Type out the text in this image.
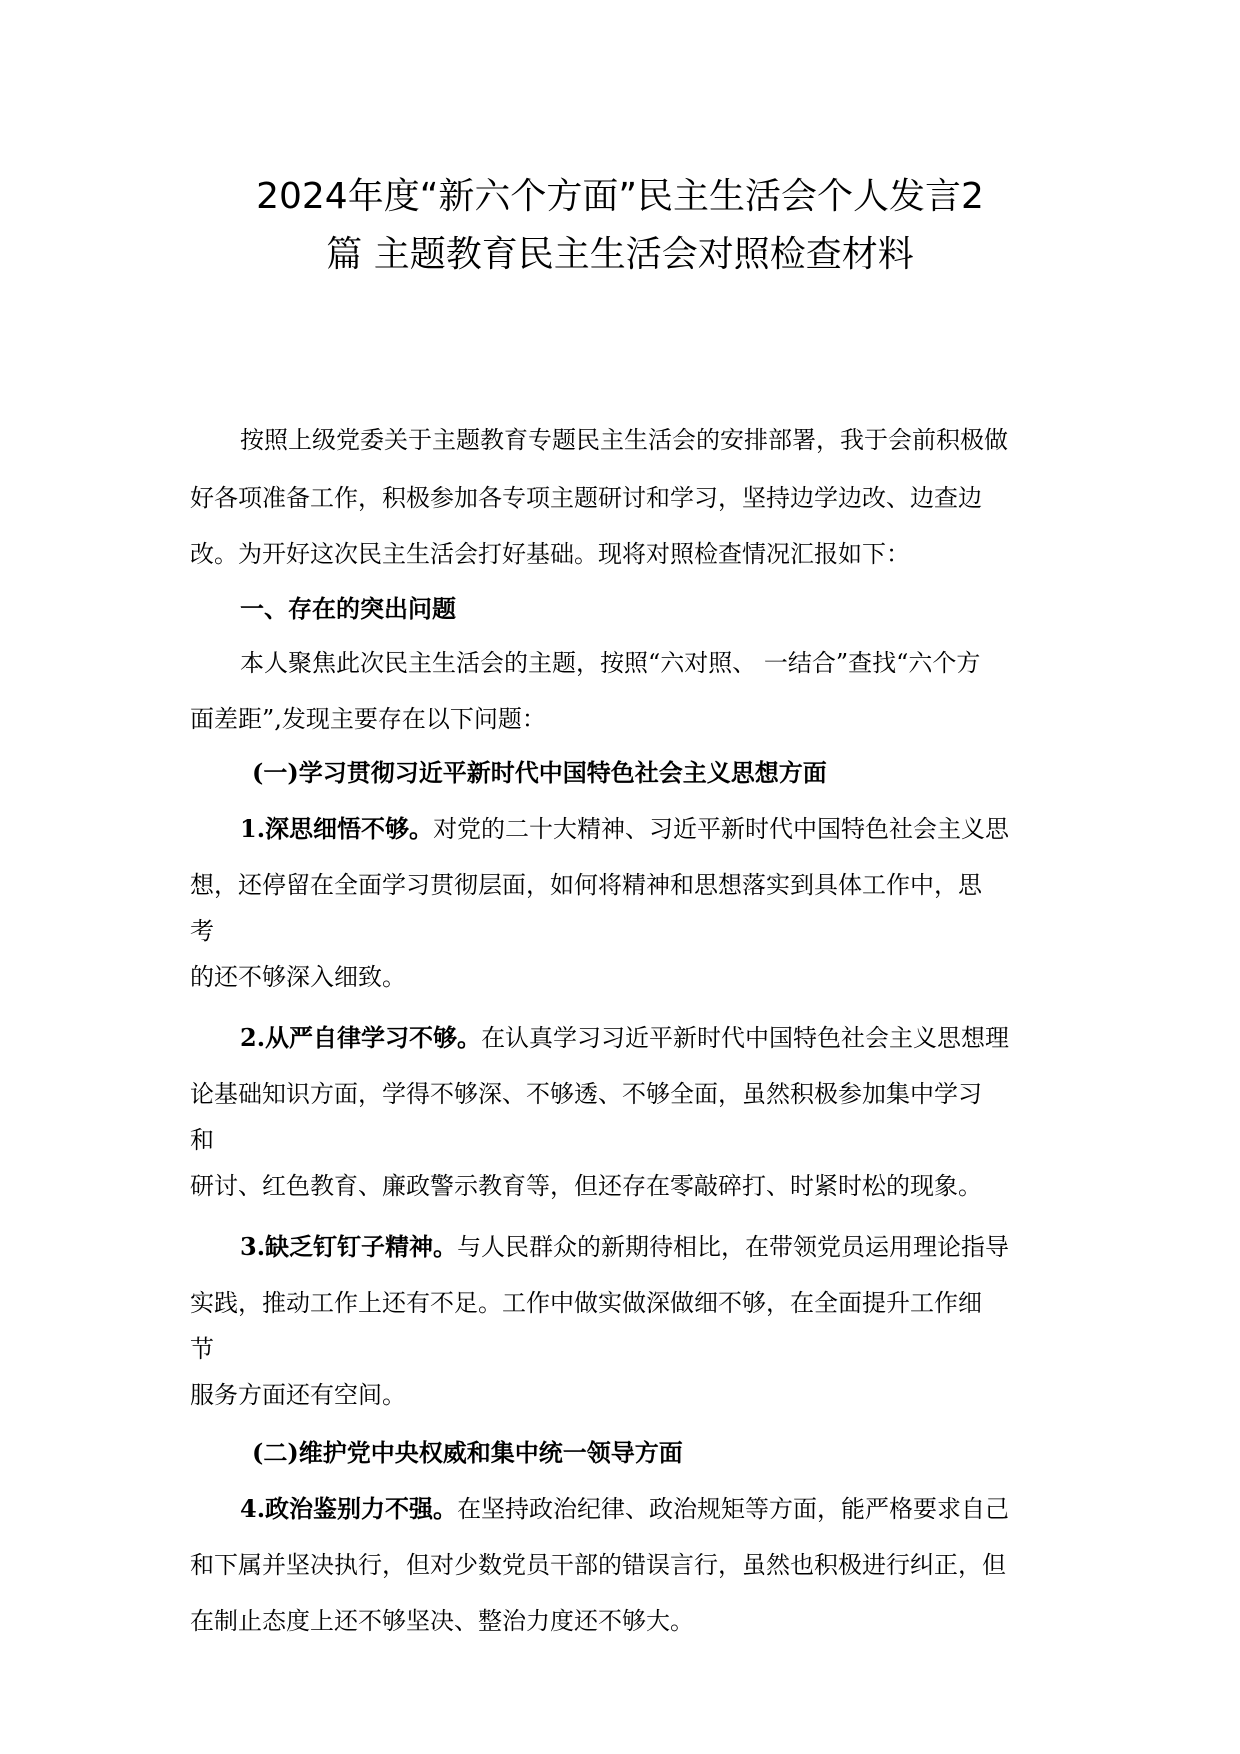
2024年度“新六个方面”民主生活会个人发言2
篇 主题教育民主生活会对照检查材料
按照上级党委关于主题教育专题民主生活会的安排部署，我于会前积极做
好各项准备工作，积极参加各专项主题研讨和学习，坚持边学边改、边查边
改。为开好这次民主生活会打好基础。现将对照检查情况汇报如下：
一、存在的突出问题
本人聚焦此次民主生活会的主题，按照“六对照、 一结合”查找“六个方
面差距”,发现主要存在以下问题：
(一)学习贯彻习近平新时代中国特色社会主义思想方面
1.深思细悟不够。对党的二十大精神、习近平新时代中国特色社会主义思
想，还停留在全面学习贯彻层面，如何将精神和思想落实到具体工作中，思
考
的还不够深入细致。
2.从严自律学习不够。在认真学习习近平新时代中国特色社会主义思想理
论基础知识方面，学得不够深、不够透、不够全面，虽然积极参加集中学习
和
研讨、红色教育、廉政警示教育等，但还存在零敲碎打、时紧时松的现象。
3.缺乏钉钉子精神。与人民群众的新期待相比，在带领党员运用理论指导
实践，推动工作上还有不足。工作中做实做深做细不够，在全面提升工作细
节
服务方面还有空间。
(二)维护党中央权威和集中统一领导方面
4.政治鉴别力不强。在坚持政治纪律、政治规矩等方面，能严格要求自己
和下属并坚决执行，但对少数党员干部的错误言行，虽然也积极进行纠正，但
在制止态度上还不够坚决、整治力度还不够大。
